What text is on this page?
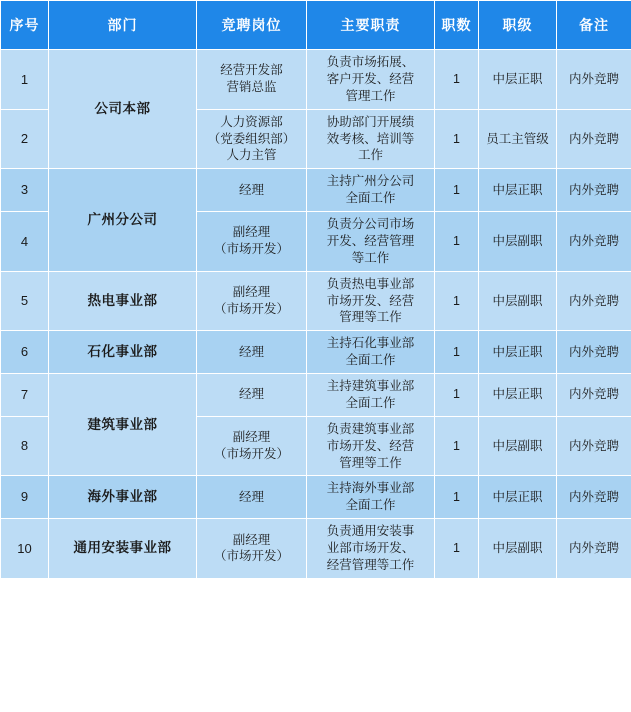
序号	部门	竞聘岗位	主要职责	职数	职级	备注

1	公司本部	经营开发部
营销总监	负责市场拓展、
客户开发、经营
管理工作	1	中层正职	内外竞聘

2		人力资源部
（党委组织部）
人力主管	协助部门开展绩
效考核、培训等
工作	1	员工主管级	内外竞聘

3	广州分公司	经理	主持广州分公司
全面工作	1	中层正职	内外竞聘

4		副经理
（市场开发）	负责分公司市场
开发、经营管理
等工作	1	中层副职	内外竞聘

5	热电事业部	副经理
（市场开发）	负责热电事业部
市场开发、经营
管理等工作	1	中层副职	内外竞聘

6	石化事业部	经理	主持石化事业部
全面工作	1	中层正职	内外竞聘

7	建筑事业部	经理	主持建筑事业部
全面工作	1	中层正职	内外竞聘

8		副经理
（市场开发）	负责建筑事业部
市场开发、经营
管理等工作	1	中层副职	内外竞聘

9	海外事业部	经理	主持海外事业部
全面工作	1	中层正职	内外竞聘

10	通用安装事业部	副经理
（市场开发）	负责通用安装事
业部市场开发、
经营管理等工作	1	中层副职	内外竞聘
